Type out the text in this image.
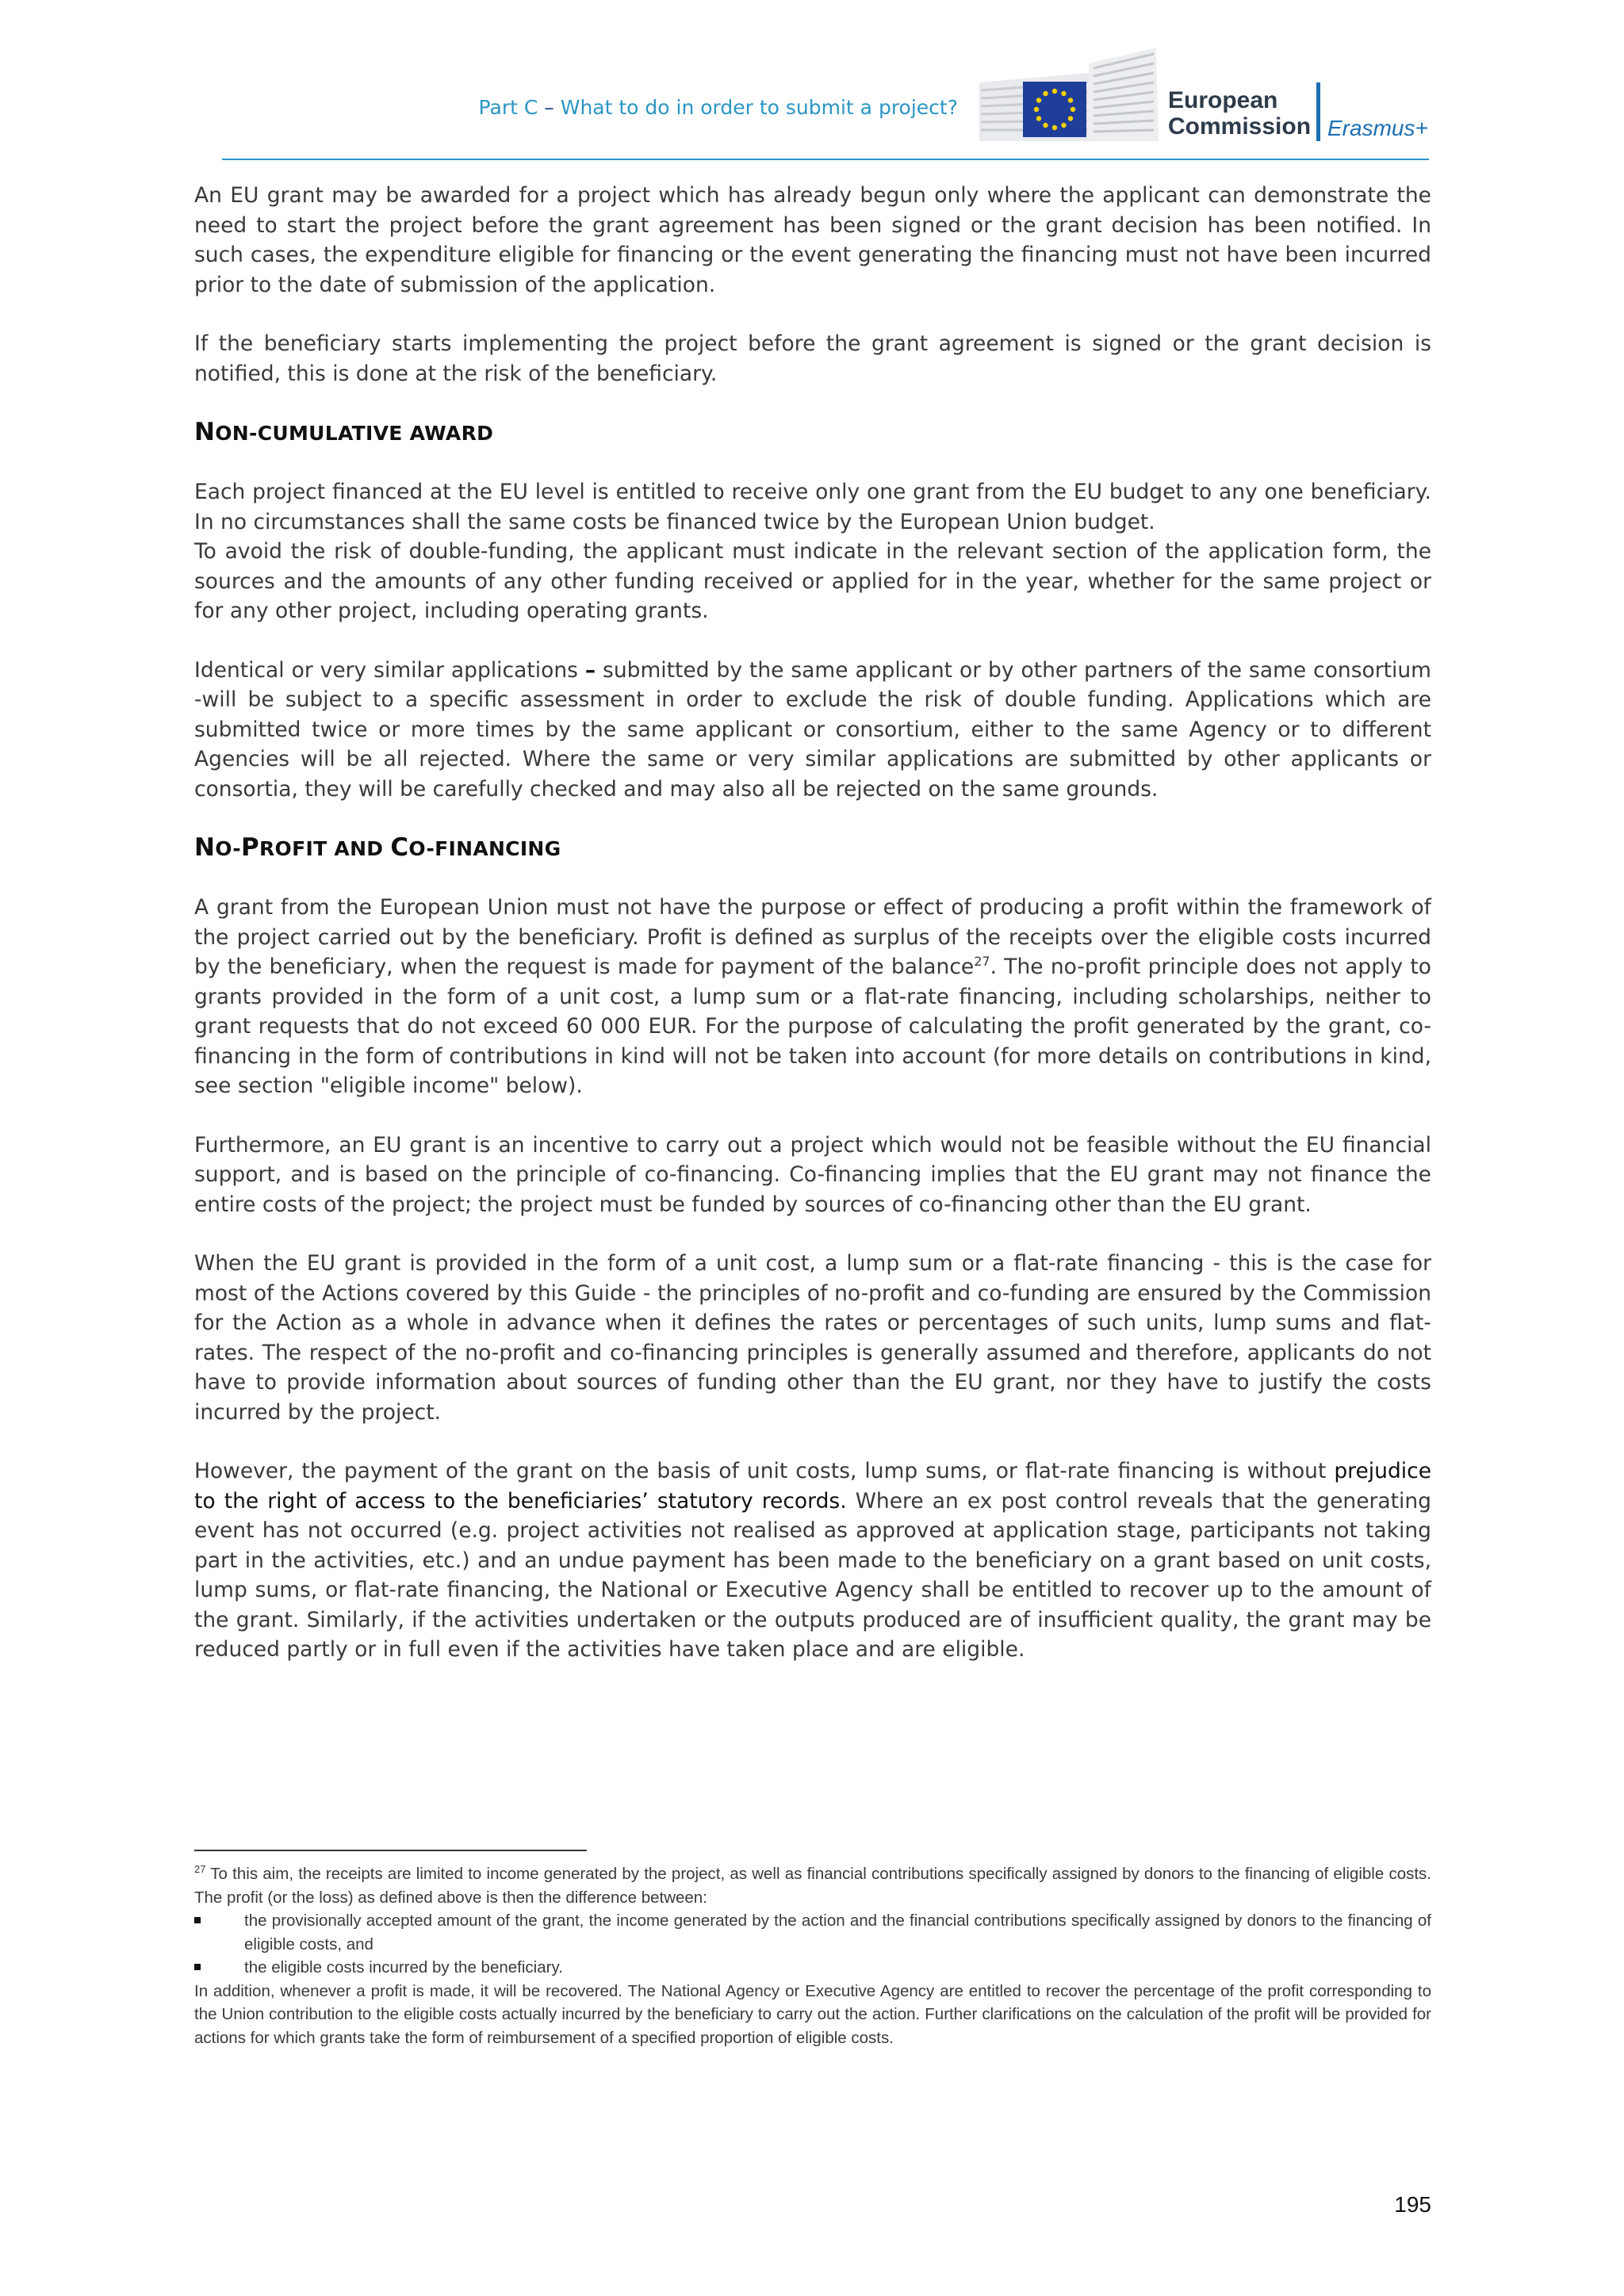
Part C – What to do in order to submit a project?	European
Commission Erasmus+

An EU grant may be awarded for a project which has already begun only where the applicant can demonstrate the need to start the project before the grant agreement has been signed or the grant decision has been notified. In such cases, the expenditure eligible for financing or the event generating the financing must not have been incurred prior to the date of submission of the application.

If the beneficiary starts implementing the project before the grant agreement is signed or the grant decision is notified, this is done at the risk of the beneficiary.

NON-CUMULATIVE AWARD

Each project financed at the EU level is entitled to receive only one grant from the EU budget to any one beneficiary. In no circumstances shall the same costs be financed twice by the European Union budget.
To avoid the risk of double-funding, the applicant must indicate in the relevant section of the application form, the sources and the amounts of any other funding received or applied for in the year, whether for the same project or for any other project, including operating grants.

Identical or very similar applications – submitted by the same applicant or by other partners of the same consortium -will be subject to a specific assessment in order to exclude the risk of double funding. Applications which are submitted twice or more times by the same applicant or consortium, either to the same Agency or to different Agencies will be all rejected. Where the same or very similar applications are submitted by other applicants or consortia, they will be carefully checked and may also all be rejected on the same grounds.

NO-PROFIT AND CO-FINANCING

A grant from the European Union must not have the purpose or effect of producing a profit within the framework of the project carried out by the beneficiary. Profit is defined as surplus of the receipts over the eligible costs incurred by the beneficiary, when the request is made for payment of the balance$^{27}$. The no-profit principle does not apply to grants provided in the form of a unit cost, a lump sum or a flat-rate financing, including scholarships, neither to grant requests that do not exceed 60 000 EUR. For the purpose of calculating the profit generated by the grant, co-financing in the form of contributions in kind will not be taken into account (for more details on contributions in kind, see section "eligible income" below).

Furthermore, an EU grant is an incentive to carry out a project which would not be feasible without the EU financial support, and is based on the principle of co-financing. Co-financing implies that the EU grant may not finance the entire costs of the project; the project must be funded by sources of co-financing other than the EU grant.

When the EU grant is provided in the form of a unit cost, a lump sum or a flat-rate financing - this is the case for most of the Actions covered by this Guide - the principles of no-profit and co-funding are ensured by the Commission for the Action as a whole in advance when it defines the rates or percentages of such units, lump sums and flat-rates. The respect of the no-profit and co-financing principles is generally assumed and therefore, applicants do not have to provide information about sources of funding other than the EU grant, nor they have to justify the costs incurred by the project.

However, the payment of the grant on the basis of unit costs, lump sums, or flat-rate financing is without prejudice to the right of access to the beneficiaries’ statutory records. Where an ex post control reveals that the generating event has not occurred (e.g. project activities not realised as approved at application stage, participants not taking part in the activities, etc.) and an undue payment has been made to the beneficiary on a grant based on unit costs, lump sums, or flat-rate financing, the National or Executive Agency shall be entitled to recover up to the amount of the grant. Similarly, if the activities undertaken or the outputs produced are of insufficient quality, the grant may be reduced partly or in full even if the activities have taken place and are eligible.

$^{27}$ To this aim, the receipts are limited to income generated by the project, as well as financial contributions specifically assigned by donors to the financing of eligible costs. The profit (or the loss) as defined above is then the difference between:

the provisionally accepted amount of the grant, the income generated by the action and the financial contributions specifically assigned by donors to the financing of eligible costs, and
the eligible costs incurred by the beneficiary.

In addition, whenever a profit is made, it will be recovered. The National Agency or Executive Agency are entitled to recover the percentage of the profit corresponding to the Union contribution to the eligible costs actually incurred by the beneficiary to carry out the action. Further clarifications on the calculation of the profit will be provided for actions for which grants take the form of reimbursement of a specified proportion of eligible costs.

195
